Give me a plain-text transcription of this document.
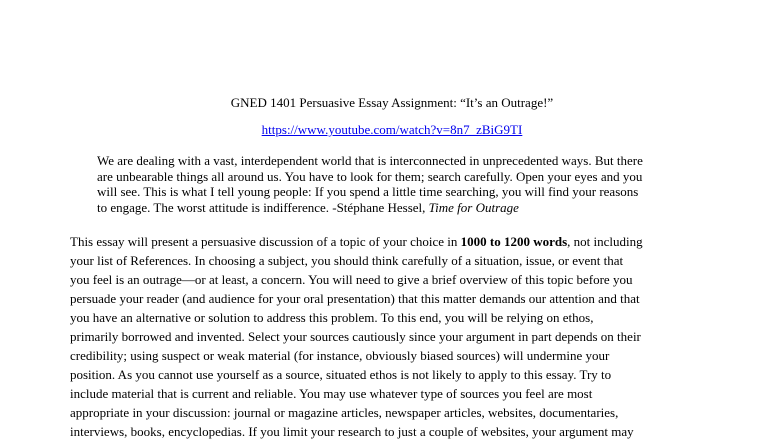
GNED 1401 Persuasive Essay Assignment: “It’s an Outrage!”
https://www.youtube.com/watch?v=8n7_zBiG9TI
We are dealing with a vast, interdependent world that is interconnected in unprecedented ways. But there
are unbearable things all around us. You have to look for them; search carefully. Open your eyes and you
will see. This is what I tell young people: If you spend a little time searching, you will find your reasons
to engage. The worst attitude is indifference. -Stéphane Hessel, Time for Outrage
This essay will present a persuasive discussion of a topic of your choice in 1000 to 1200 words, not including
your list of References. In choosing a subject, you should think carefully of a situation, issue, or event that
you feel is an outrage—or at least, a concern. You will need to give a brief overview of this topic before you
persuade your reader (and audience for your oral presentation) that this matter demands our attention and that
you have an alternative or solution to address this problem. To this end, you will be relying on ethos,
primarily borrowed and invented. Select your sources cautiously since your argument in part depends on their
credibility; using suspect or weak material (for instance, obviously biased sources) will undermine your
position. As you cannot use yourself as a source, situated ethos is not likely to apply to this essay. Try to
include material that is current and reliable. You may use whatever type of sources you feel are most
appropriate in your discussion: journal or magazine articles, newspaper articles, websites, documentaries,
interviews, books, encyclopedias. If you limit your research to just a couple of websites, your argument may
